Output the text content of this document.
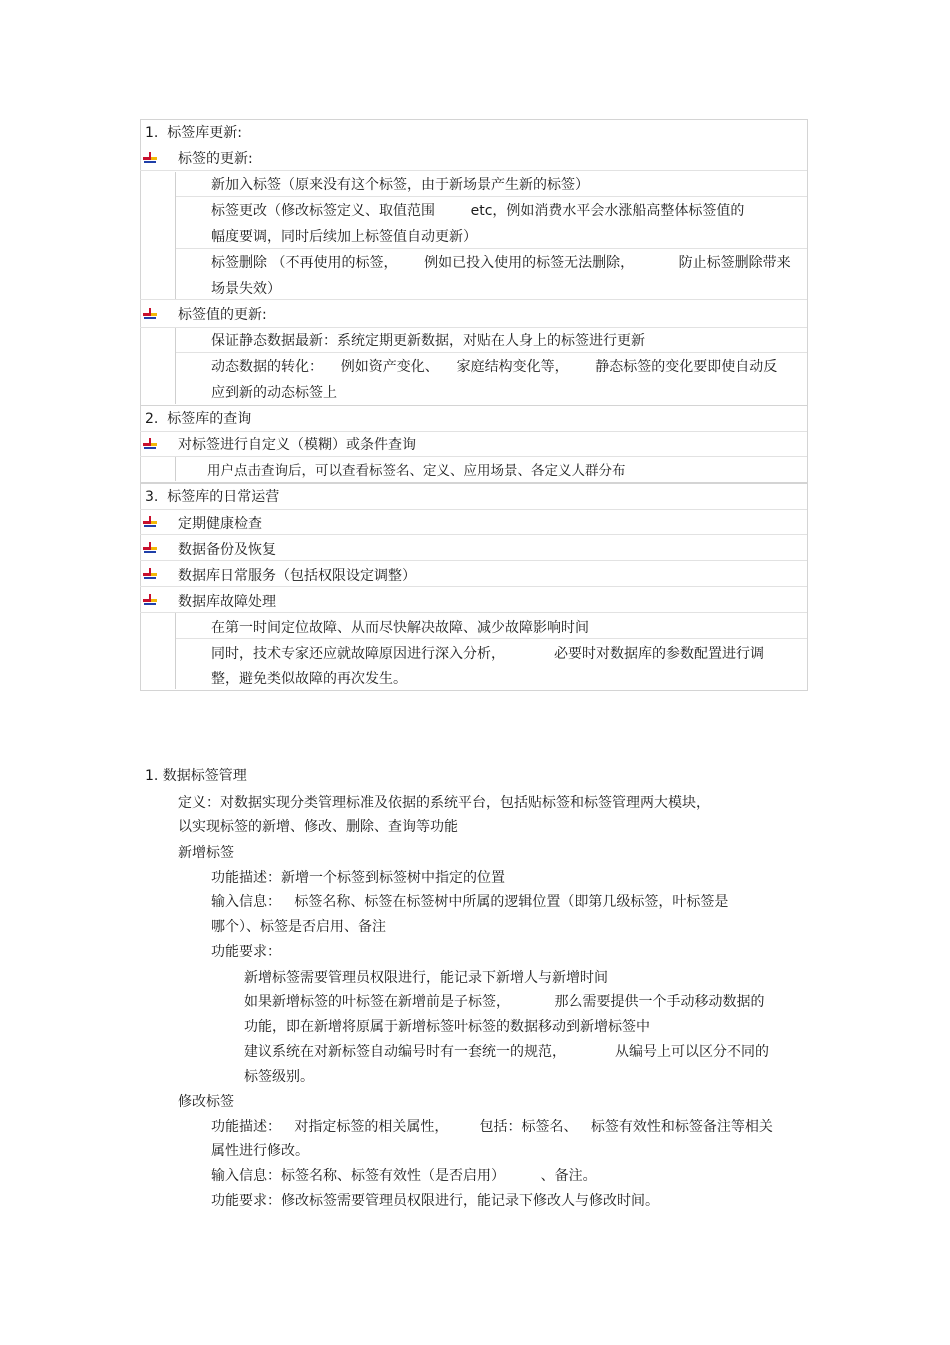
1.  标签库更新:
标签的更新:
新加入标签（原来没有这个标签，由于新场景产生新的标签）
标签更改（修改标签定义、取值范围        etc，例如消费水平会水涨船高整体标签值的
幅度要调，同时后续加上标签值自动更新）
标签删除 （不再使用的标签，      例如已投入使用的标签无法删除，          防止标签删除带来
场景失效）
标签值的更新:
保证静态数据最新：系统定期更新数据，对贴在人身上的标签进行更新
动态数据的转化：    例如资产变化、    家庭结构变化等，      静态标签的变化要即使自动反
应到新的动态标签上
2.  标签库的查询
对标签进行自定义（模糊）或条件查询
用户点击查询后，可以查看标签名、定义、应用场景、各定义人群分布
3.  标签库的日常运营
定期健康检查
数据备份及恢复
数据库日常服务（包括权限设定调整）
数据库故障处理
在第一时间定位故障、从而尽快解决故障、减少故障影响时间
同时，技术专家还应就故障原因进行深入分析，           必要时对数据库的参数配置进行调
整，避免类似故障的再次发生。
1. 数据标签管理
定义：对数据实现分类管理标准及依据的系统平台，包括贴标签和标签管理两大模块，
以实现标签的新增、修改、删除、查询等功能
新增标签
功能描述：新增一个标签到标签树中指定的位置
输入信息：   标签名称、标签在标签树中所属的逻辑位置（即第几级标签，叶标签是
哪个）、标签是否启用、备注
功能要求：
新增标签需要管理员权限进行，能记录下新增人与新增时间
如果新增标签的叶标签在新增前是子标签，          那么需要提供一个手动移动数据的
功能，即在新增将原属于新增标签叶标签的数据移动到新增标签中
建议系统在对新标签自动编号时有一套统一的规范，           从编号上可以区分不同的
标签级别。
修改标签
功能描述：   对指定标签的相关属性，       包括：标签名、   标签有效性和标签备注等相关
属性进行修改。
输入信息：标签名称、标签有效性（是否启用）        、备注。
功能要求：修改标签需要管理员权限进行，能记录下修改人与修改时间。
